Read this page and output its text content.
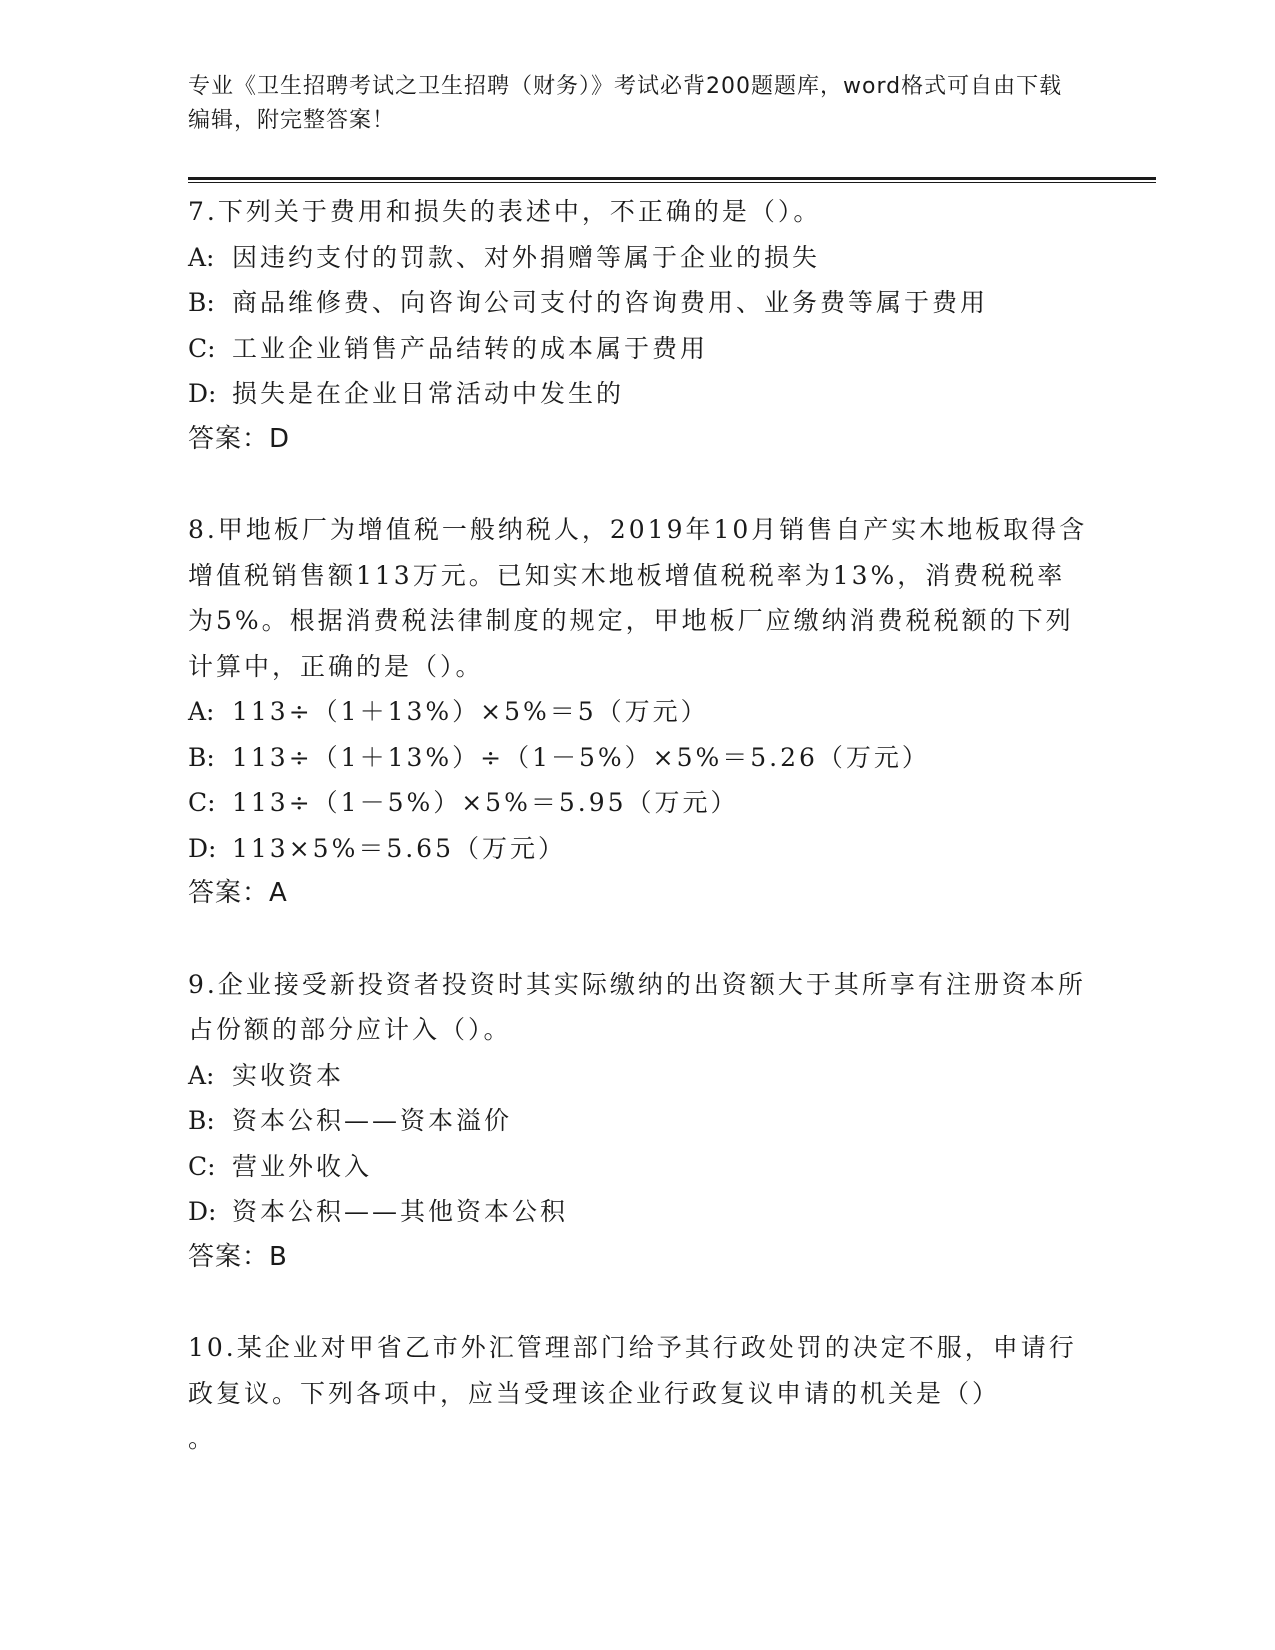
专业《卫生招聘考试之卫生招聘（财务）》考试必背200题题库，word格式可自由下载编辑，附完整答案！
7.下列关于费用和损失的表述中，不正确的是（）。
A: 因违约支付的罚款、对外捐赠等属于企业的损失
B: 商品维修费、向咨询公司支付的咨询费用、业务费等属于费用
C: 工业企业销售产品结转的成本属于费用
D: 损失是在企业日常活动中发生的
答案：D
8.甲地板厂为增值税一般纳税人，2019年10月销售自产实木地板取得含增值税销售额113万元。已知实木地板增值税税率为13%，消费税税率为5%。根据消费税法律制度的规定，甲地板厂应缴纳消费税税额的下列计算中，正确的是（）。
A: 113÷（1＋13%）×5%＝5（万元）
B: 113÷（1＋13%）÷（1－5%）×5%＝5.26（万元）
C: 113÷（1－5%）×5%＝5.95（万元）
D: 113×5%＝5.65（万元）
答案：A
9.企业接受新投资者投资时其实际缴纳的出资额大于其所享有注册资本所占份额的部分应计入（）。
A: 实收资本
B: 资本公积——资本溢价
C: 营业外收入
D: 资本公积——其他资本公积
答案：B
10.某企业对甲省乙市外汇管理部门给予其行政处罚的决定不服，申请行政复议。下列各项中，应当受理该企业行政复议申请的机关是（）
。
